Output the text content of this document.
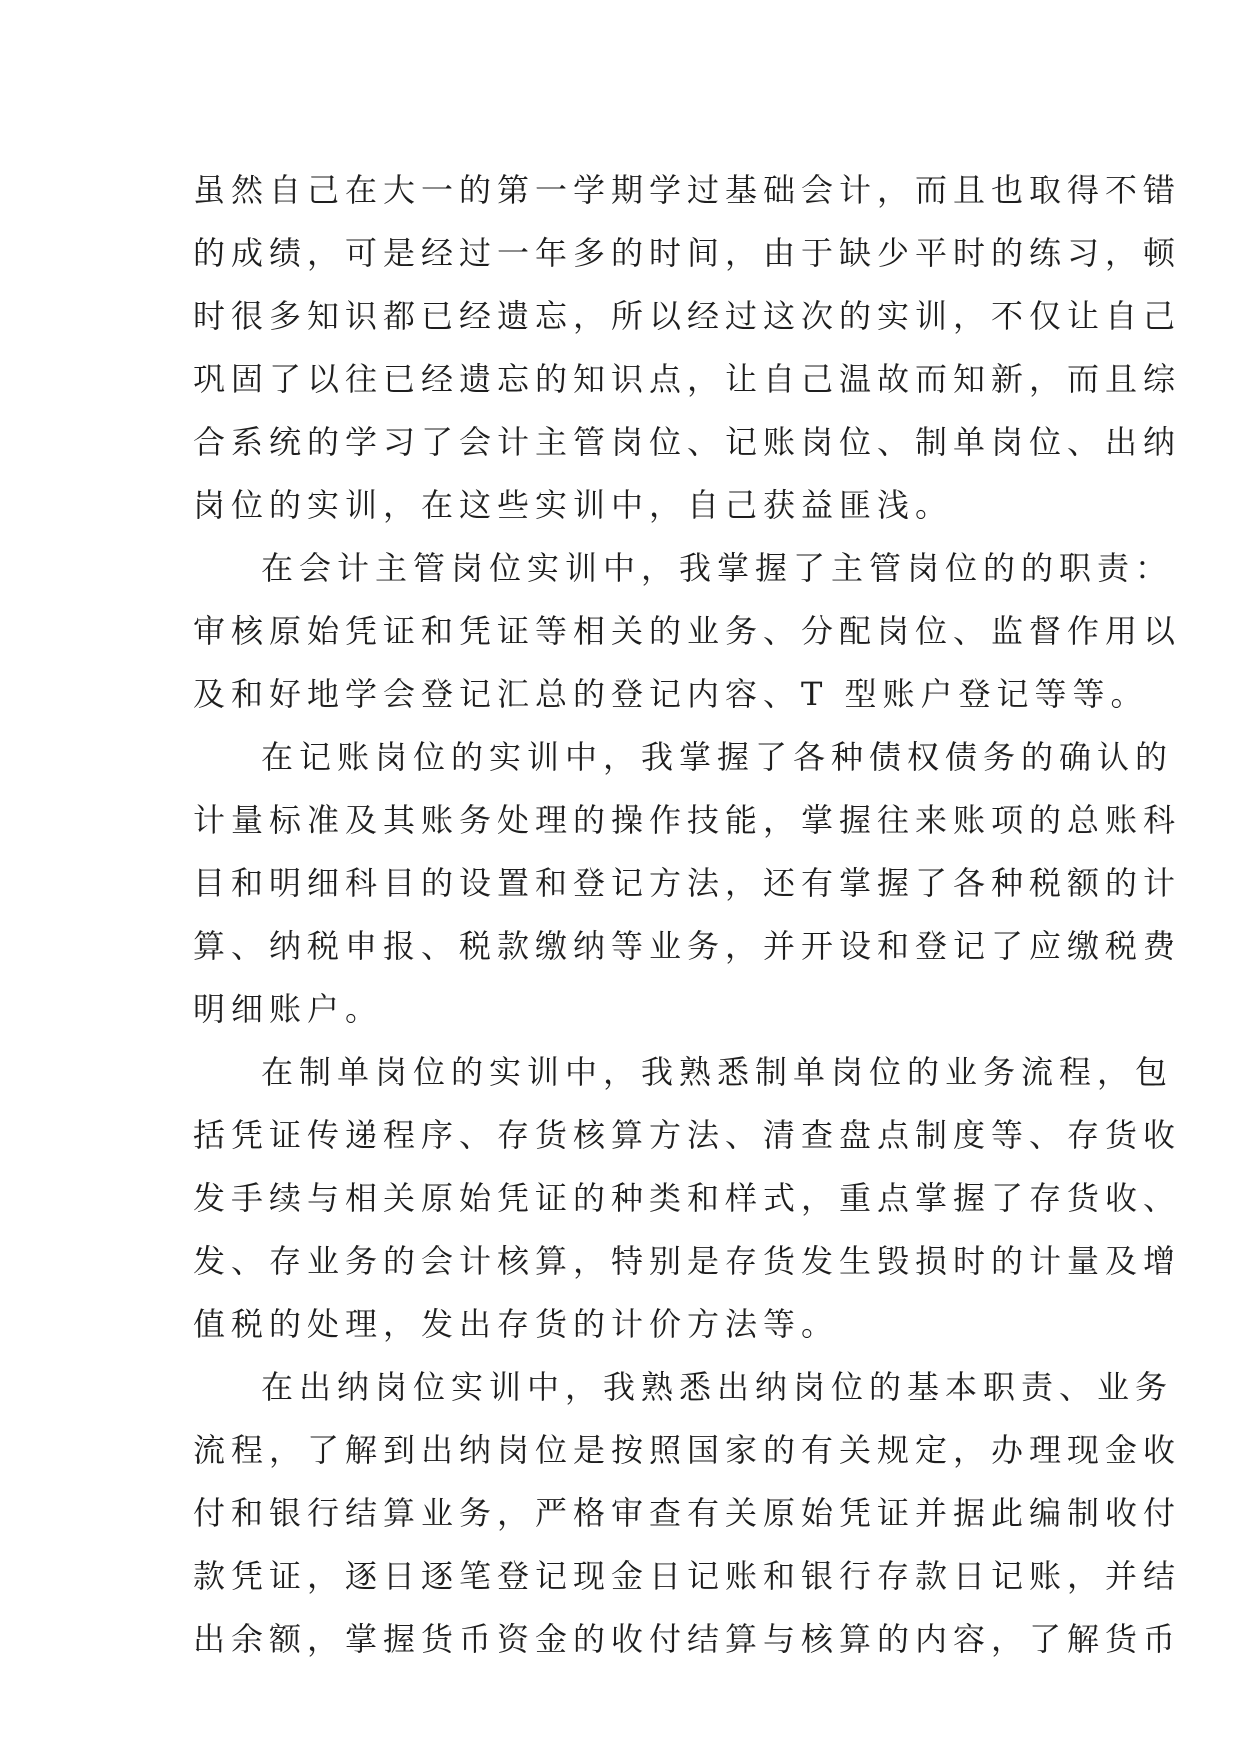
虽然自己在大一的第一学期学过基础会计，而且也取得不错
的成绩，可是经过一年多的时间，由于缺少平时的练习，顿
时很多知识都已经遗忘，所以经过这次的实训，不仅让自己
巩固了以往已经遗忘的知识点，让自己温故而知新，而且综
合系统的学习了会计主管岗位、记账岗位、制单岗位、出纳
岗位的实训，在这些实训中，自己获益匪浅。
在会计主管岗位实训中，我掌握了主管岗位的的职责：
审核原始凭证和凭证等相关的业务、分配岗位、监督作用以
及和好地学会登记汇总的登记内容、T 型账户登记等等。
在记账岗位的实训中，我掌握了各种债权债务的确认的
计量标准及其账务处理的操作技能，掌握往来账项的总账科
目和明细科目的设置和登记方法，还有掌握了各种税额的计
算、纳税申报、税款缴纳等业务，并开设和登记了应缴税费
明细账户。
在制单岗位的实训中，我熟悉制单岗位的业务流程，包
括凭证传递程序、存货核算方法、清查盘点制度等、存货收
发手续与相关原始凭证的种类和样式，重点掌握了存货收、
发、存业务的会计核算，特别是存货发生毁损时的计量及增
值税的处理，发出存货的计价方法等。
在出纳岗位实训中，我熟悉出纳岗位的基本职责、业务
流程，了解到出纳岗位是按照国家的有关规定，办理现金收
付和银行结算业务，严格审查有关原始凭证并据此编制收付
款凭证，逐日逐笔登记现金日记账和银行存款日记账，并结
出余额，掌握货币资金的收付结算与核算的内容，了解货币
